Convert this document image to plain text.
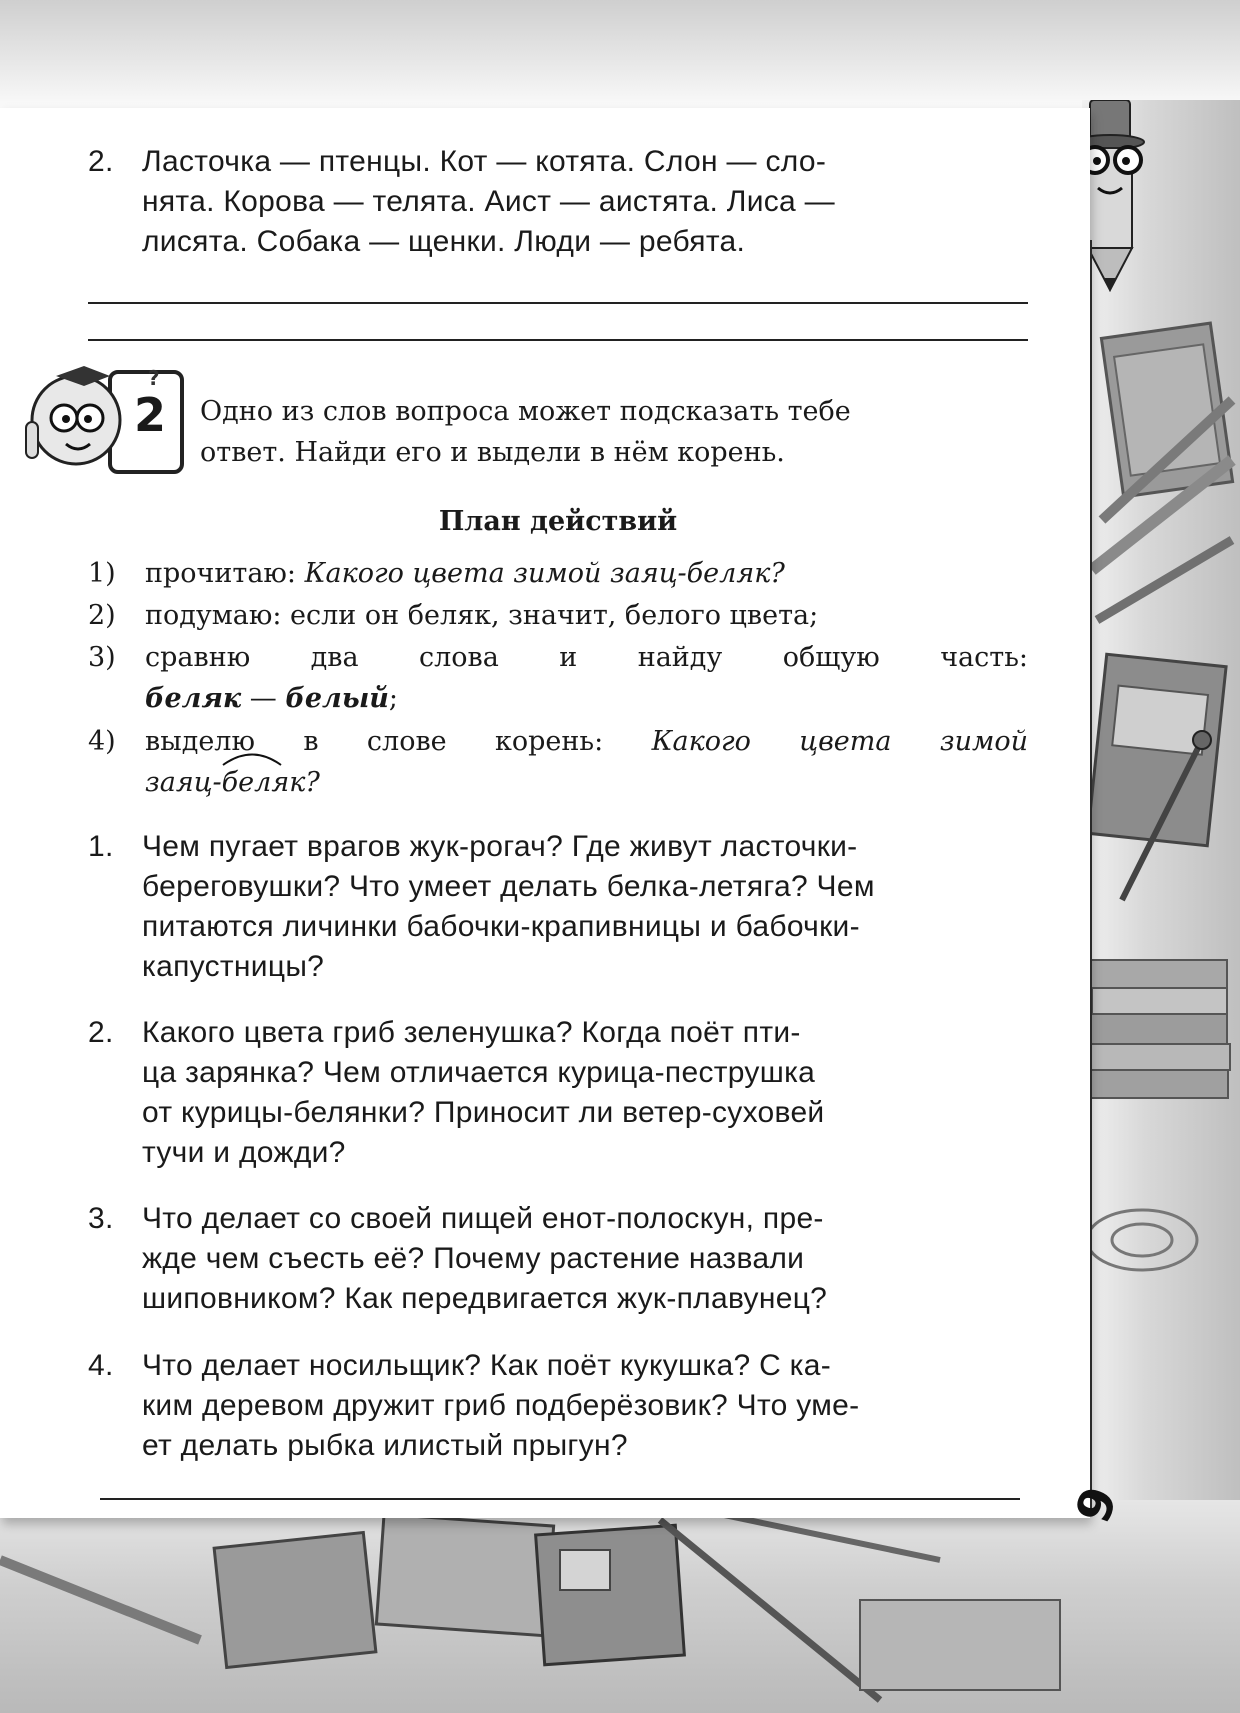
2. Ласточка — птенцы. Кот — котята. Слон — сло-
нята. Корова — телята. Аист — аистята. Лиса —
лисята. Собака — щенки. Люди — ребята.
2
?
Одно из слов вопроса может подсказать тебе
ответ. Найди его и выдели в нём корень.
План действий
1) прочитаю: Какого цвета зимой заяц-беляк?
2) подумаю: если он беляк, значит, белого цвета;
3) сравню два слова и найду общую часть:
беляк — белый;
4) выделю в слове корень: Какого цвета зимой
заяц-
беляк?
1. Чем пугает врагов жук-рогач? Где живут ласточки-
береговушки? Что умеет делать белка-летяга? Чем
питаются личинки бабочки-крапивницы и бабочки-
капустницы?
2. Какого цвета гриб зеленушка? Когда поёт пти-
ца зарянка? Чем отличается курица-пеструшка
от курицы-белянки? Приносит ли ветер-суховей
тучи и дожди?
3. Что делает со своей пищей енот-полоскун, пре-
жде чем съесть её? Почему растение назвали
шиповником? Как передвигается жук-плавунец?
4. Что делает носильщик? Как поёт кукушка? С ка-
ким деревом дружит гриб подберёзовик? Что уме-
ет делать рыбка илистый прыгун?
9
